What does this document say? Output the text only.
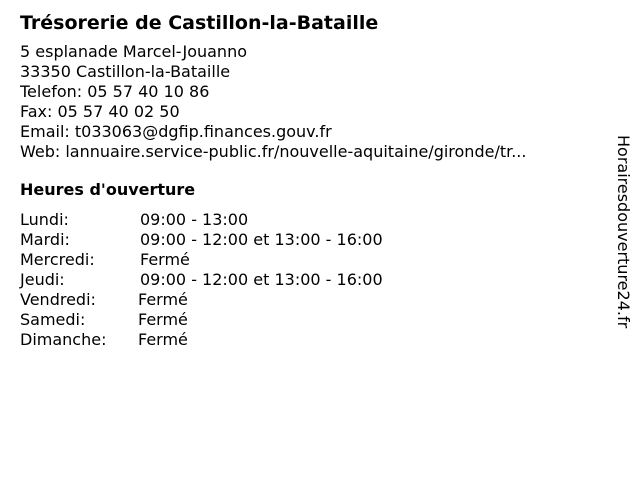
Trésorerie de Castillon-la-Bataille
5 esplanade Marcel-Jouanno
33350 Castillon-la-Bataille
Telefon: 05 57 40 10 86
Fax: 05 57 40 02 50
Email: t033063@dgfip.finances.gouv.fr
Web: lannuaire.service-public.fr/nouvelle-aquitaine/gironde/tr...
Heures d'ouverture
Lundi:	09:00 - 13:00
Mardi:	09:00 - 12:00 et 13:00 - 16:00
Mercredi:	Fermé
Jeudi:	09:00 - 12:00 et 13:00 - 16:00
Vendredi:	Fermé
Samedi:	Fermé
Dimanche:	Fermé
Horairesdouverture24.fr
